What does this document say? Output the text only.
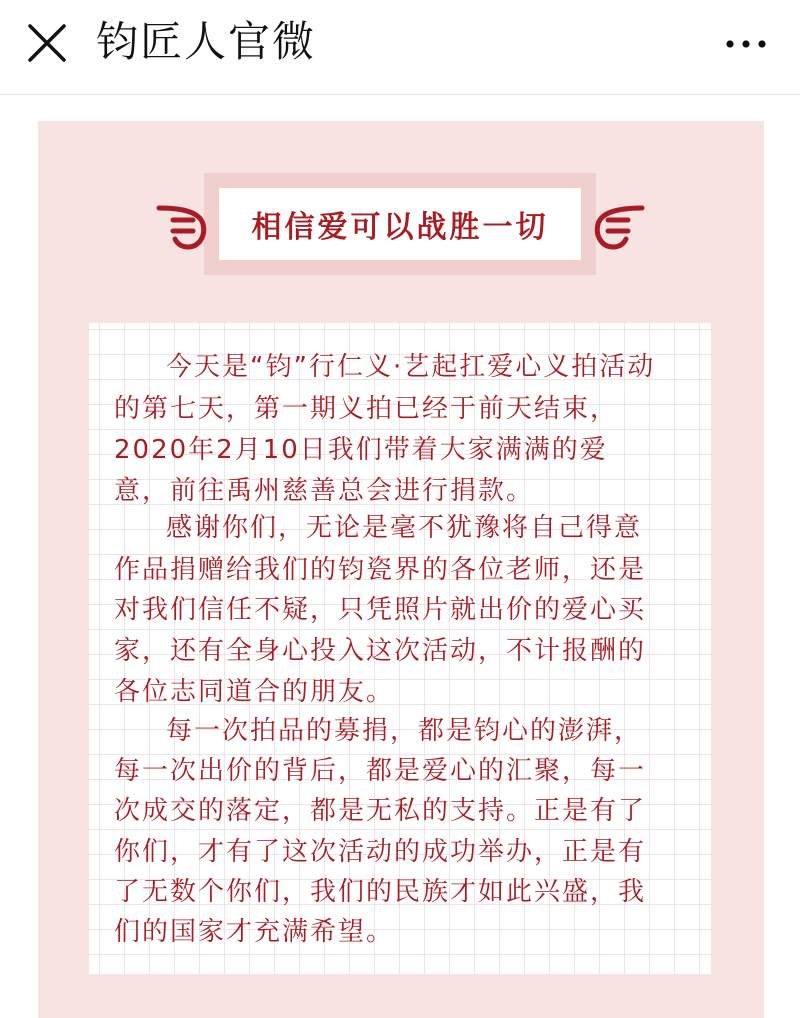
钧匠人官微
相信爱可以战胜一切
今天是“钧”行仁义·艺起扛爱心义拍活动
的第七天，第一期义拍已经于前天结束，
2020年2月10日我们带着大家满满的爱
意，前往禹州慈善总会进行捐款。
感谢你们，无论是毫不犹豫将自己得意
作品捐赠给我们的钧瓷界的各位老师，还是
对我们信任不疑，只凭照片就出价的爱心买
家，还有全身心投入这次活动，不计报酬的
各位志同道合的朋友。
每一次拍品的募捐，都是钧心的澎湃，
每一次出价的背后，都是爱心的汇聚，每一
次成交的落定，都是无私的支持。正是有了
你们，才有了这次活动的成功举办，正是有
了无数个你们，我们的民族才如此兴盛，我
们的国家才充满希望。
